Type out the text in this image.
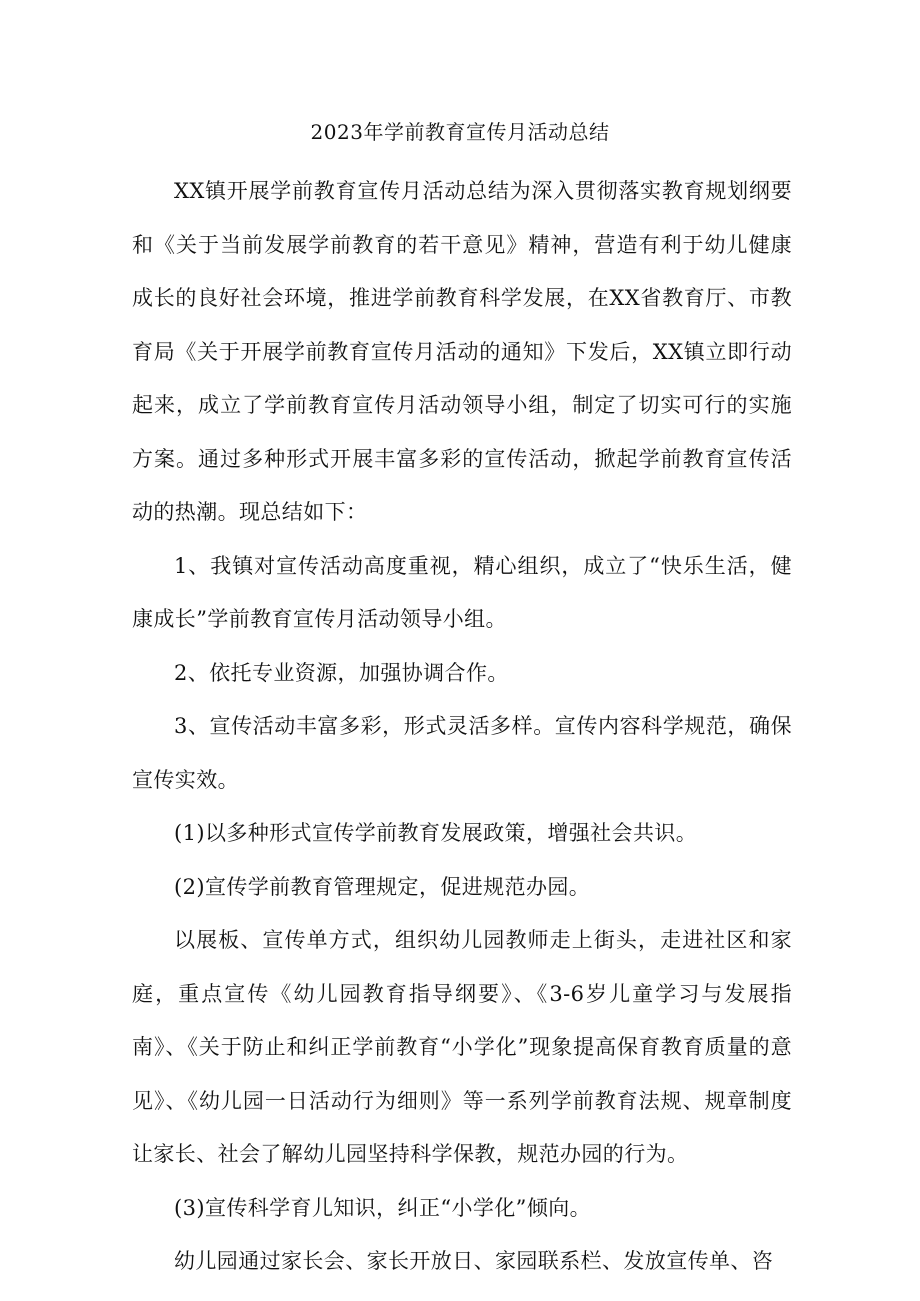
2023年学前教育宣传月活动总结

XX镇开展学前教育宣传月活动总结为深入贯彻落实教育规划纲要和《关于当前发展学前教育的若干意见》精神，营造有利于幼儿健康成长的良好社会环境，推进学前教育科学发展，在XX省教育厅、市教育局《关于开展学前教育宣传月活动的通知》下发后，XX镇立即行动起来，成立了学前教育宣传月活动领导小组，制定了切实可行的实施方案。通过多种形式开展丰富多彩的宣传活动，掀起学前教育宣传活动的热潮。现总结如下：

1、我镇对宣传活动高度重视，精心组织，成立了“快乐生活，健康成长”学前教育宣传月活动领导小组。

2、依托专业资源，加强协调合作。

3、宣传活动丰富多彩，形式灵活多样。宣传内容科学规范，确保宣传实效。

(1)以多种形式宣传学前教育发展政策，增强社会共识。

(2)宣传学前教育管理规定，促进规范办园。

以展板、宣传单方式，组织幼儿园教师走上街头，走进社区和家庭，重点宣传《幼儿园教育指导纲要》、《3-6岁儿童学习与发展指南》、《关于防止和纠正学前教育“小学化”现象提高保育教育质量的意见》、《幼儿园一日活动行为细则》等一系列学前教育法规、规章制度让家长、社会了解幼儿园坚持科学保教，规范办园的行为。

(3)宣传科学育儿知识，纠正“小学化”倾向。

幼儿园通过家长会、家长开放日、家园联系栏、发放宣传单、咨
